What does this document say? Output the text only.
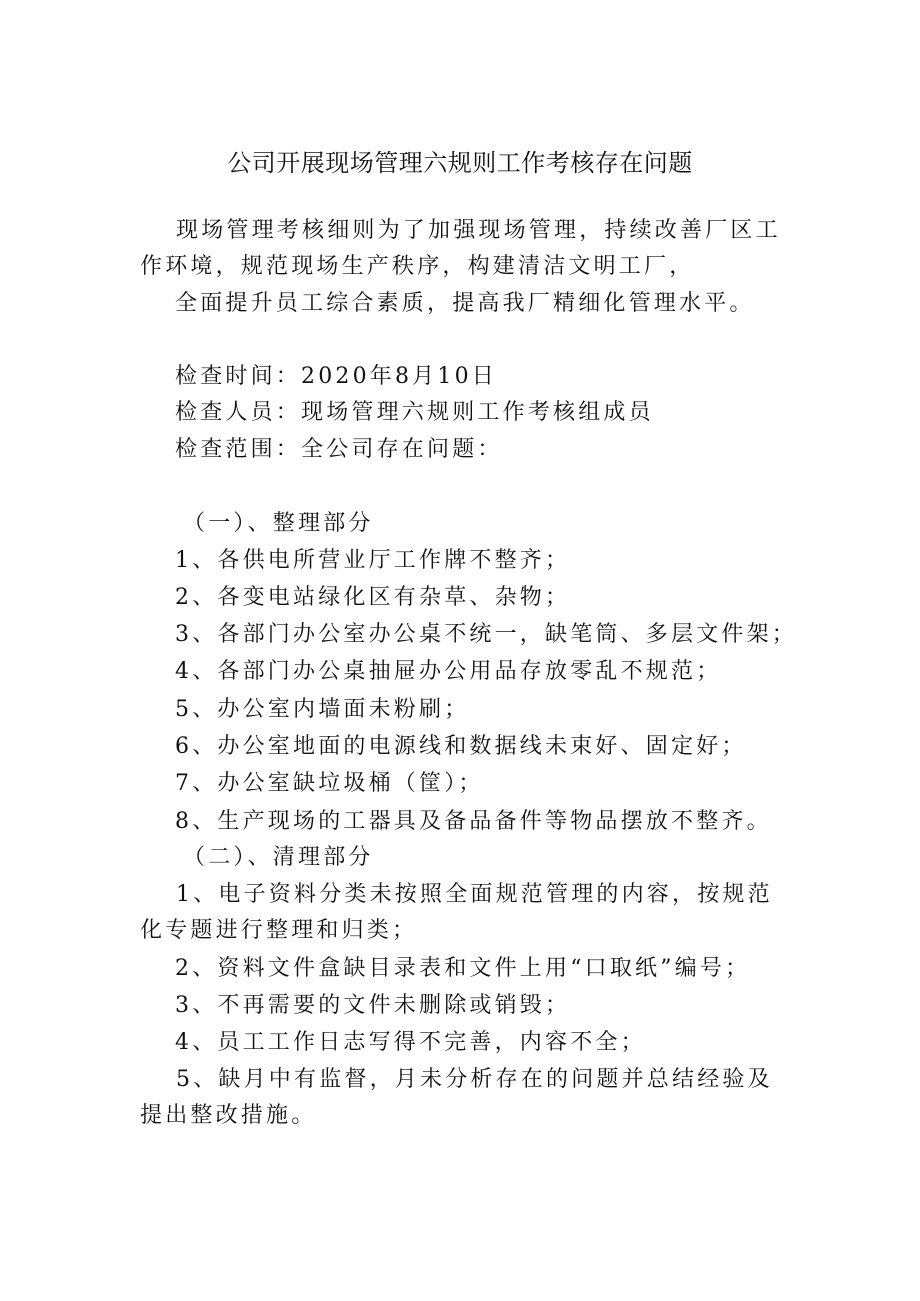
公司开展现场管理六规则工作考核存在问题

现场管理考核细则为了加强现场管理，持续改善厂区工作环境，规范现场生产秩序，构建清洁文明工厂，

全面提升员工综合素质，提高我厂精细化管理水平。
检查时间：2020年8月10日
检查人员：现场管理六规则工作考核组成员
检查范围：全公司存在问题：
（一）、整理部分
1、各供电所营业厅工作牌不整齐；
2、各变电站绿化区有杂草、杂物；
3、各部门办公室办公桌不统一，缺笔筒、多层文件架；
4、各部门办公桌抽屉办公用品存放零乱不规范；
5、办公室内墙面未粉刷；
6、办公室地面的电源线和数据线未束好、固定好；
7、办公室缺垃圾桶（筐）；
8、生产现场的工器具及备品备件等物品摆放不整齐。
（二）、清理部分

1、电子资料分类未按照全面规范管理的内容，按规范化专题进行整理和归类；

2、资料文件盒缺目录表和文件上用“口取纸”编号；
3、不再需要的文件未删除或销毁；
4、员工工作日志写得不完善，内容不全；

5、缺月中有监督，月未分析存在的问题并总结经验及提出整改措施。
